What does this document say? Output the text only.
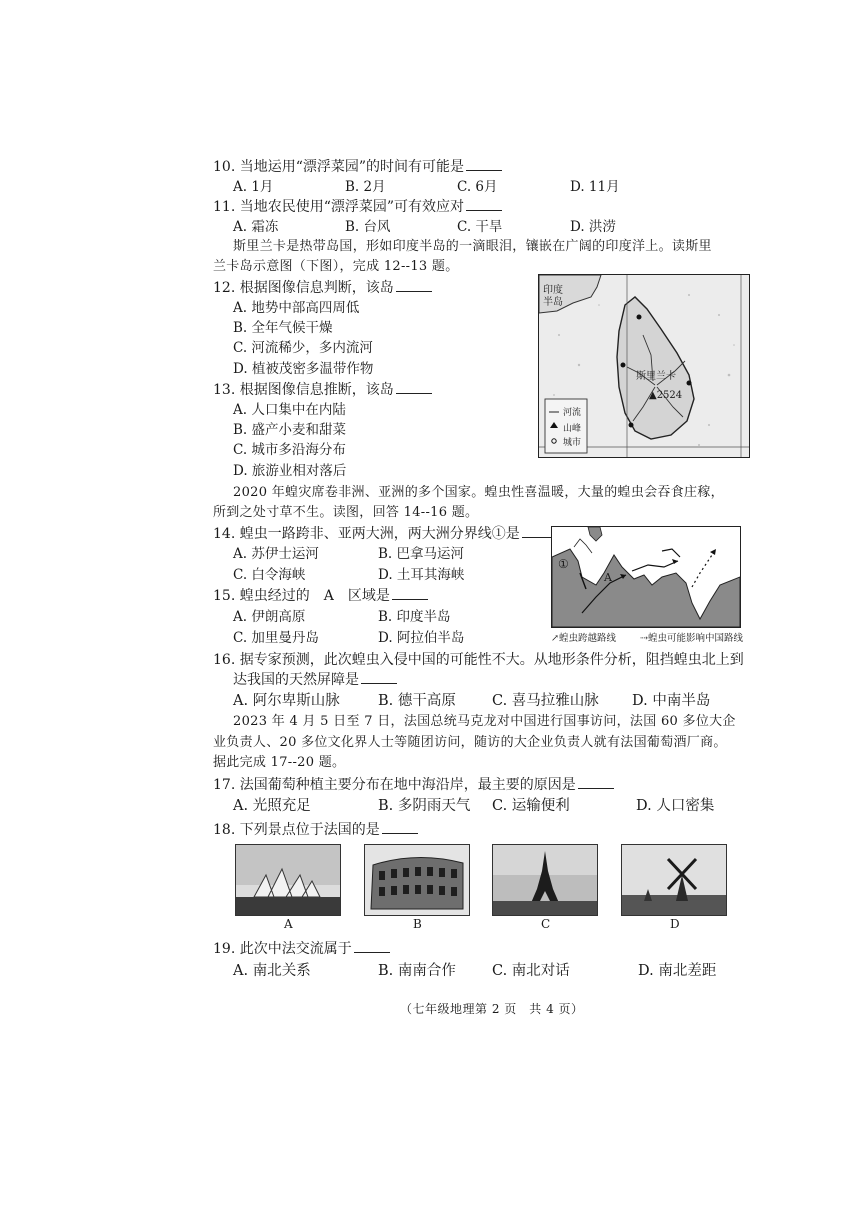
10. 当地运用“漂浮菜园”的时间有可能是
A. 1月	B. 2月	C. 6月	D. 11月
11. 当地农民使用“漂浮菜园”可有效应对
A. 霜冻	B. 台风	C. 干旱	D. 洪涝
斯里兰卡是热带岛国，形如印度半岛的一滴眼泪，镶嵌在广阔的印度洋上。读斯里
兰卡岛示意图（下图），完成 12--13 题。
12. 根据图像信息判断，该岛
A. 地势中部高四周低
B. 全年气候干燥
C. 河流稀少，多内流河
D. 植被茂密多温带作物
13. 根据图像信息推断，该岛
A. 人口集中在内陆
B. 盛产小麦和甜菜
C. 城市多沿海分布
D. 旅游业相对落后
印度
半岛
斯里兰卡
▲2524
河流
山峰
城市
2020 年蝗灾席卷非洲、亚洲的多个国家。蝗虫性喜温暖，大量的蝗虫会吞食庄稼，
所到之处寸草不生。读图，回答 14--16 题。
14. 蝗虫一路跨非、亚两大洲，两大洲分界线①是
A. 苏伊士运河	B. 巴拿马运河
C. 白令海峡	D. 土耳其海峡
15. 蝗虫经过的　A　区域是
A. 伊朗高原	B. 印度半岛
C. 加里曼丹岛	D. 阿拉伯半岛
①
A
↗蝗虫跨越路线	⇢蝗虫可能影响中国路线
16. 据专家预测，此次蝗虫入侵中国的可能性不大。从地形条件分析，阻挡蝗虫北上到
达我国的天然屏障是
A. 阿尔卑斯山脉	B. 德干高原 C. 喜马拉雅山脉 D. 中南半岛
2023 年 4 月 5 日至 7 日，法国总统马克龙对中国进行国事访问，法国 60 多位大企
业负责人、20 多位文化界人士等随团访问，随访的大企业负责人就有法国葡萄酒厂商。
据此完成 17--20 题。
17. 法国葡萄种植主要分布在地中海沿岸，最主要的原因是
A. 光照充足	B. 多阴雨天气 C. 运输便利	D. 人口密集
18. 下列景点位于法国的是
A	B	C	D
19. 此次中法交流属于
A. 南北关系	B. 南南合作 C. 南北对话	D. 南北差距
（七年级地理第 2 页　共 4 页）
